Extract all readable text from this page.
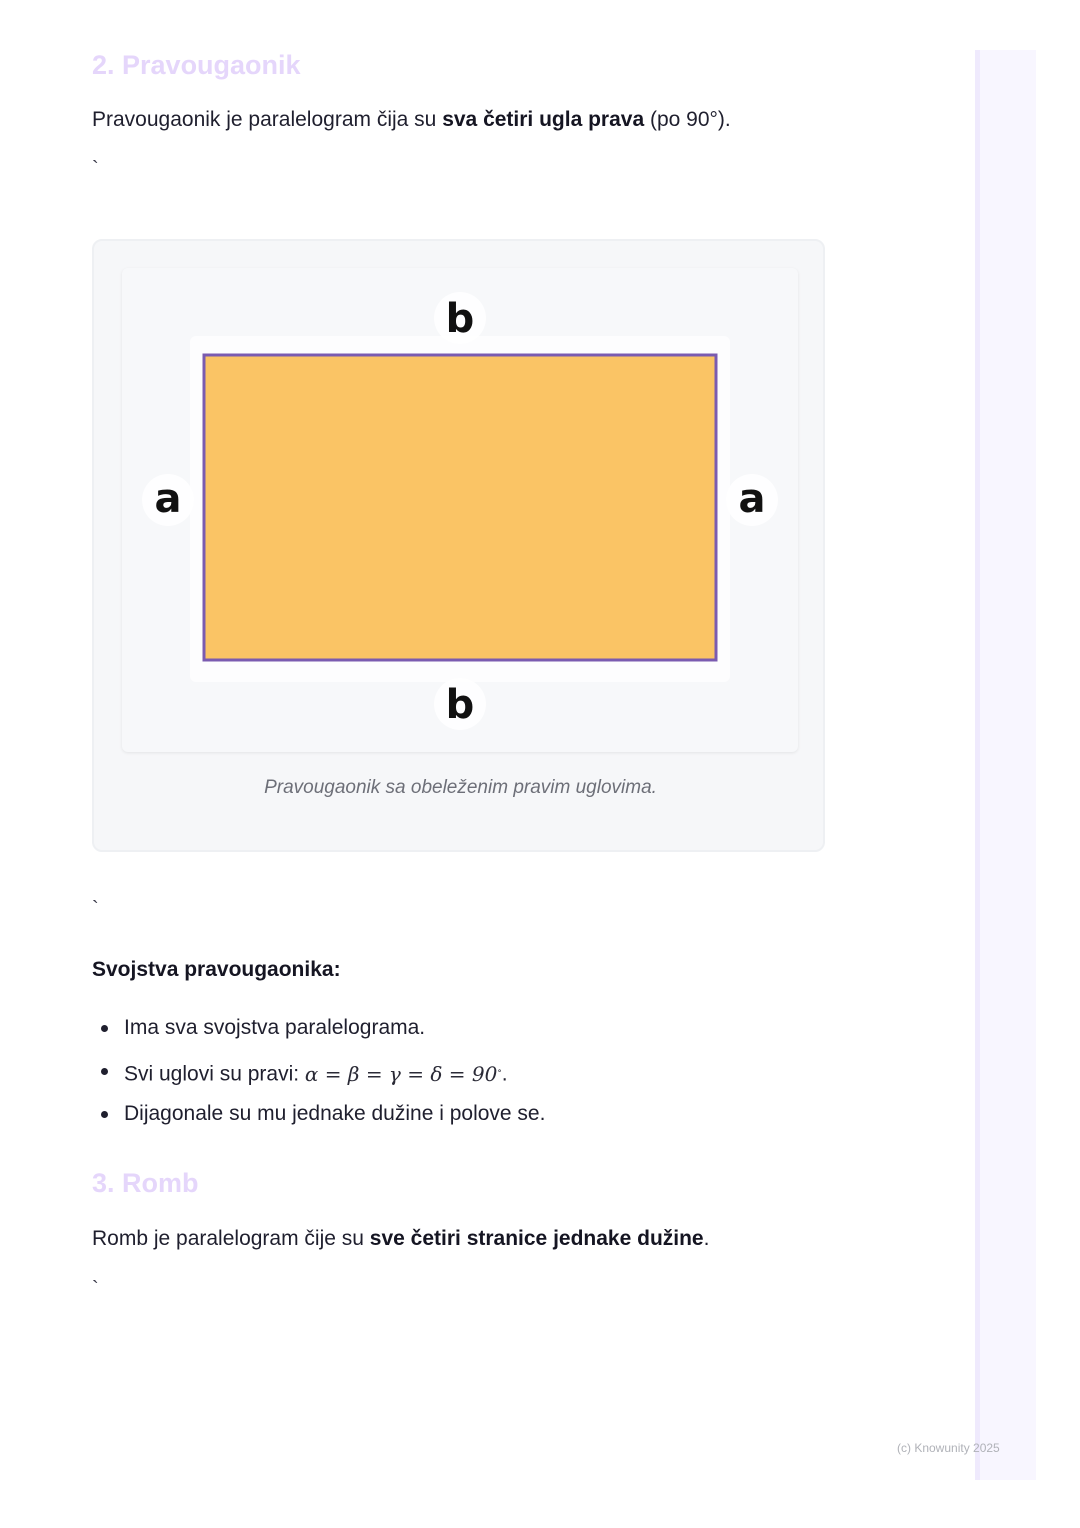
2. Pravougaonik

Pravougaonik je paralelogram čija su sva četiri ugla prava (po 90°).

`
b
b
a	a
Pravougaonik sa obeleženim pravim uglovima.
`
Svojstva pravougaonika:
Ima sva svojstva paralelograma.
Svi uglovi su pravi: α = β = γ = δ = 90∘.
Dijagonale su mu jednake dužine i polove se.
3. Romb

Romb je paralelogram čije su sve četiri stranice jednake dužine.

`
(c) Knowunity 2025
